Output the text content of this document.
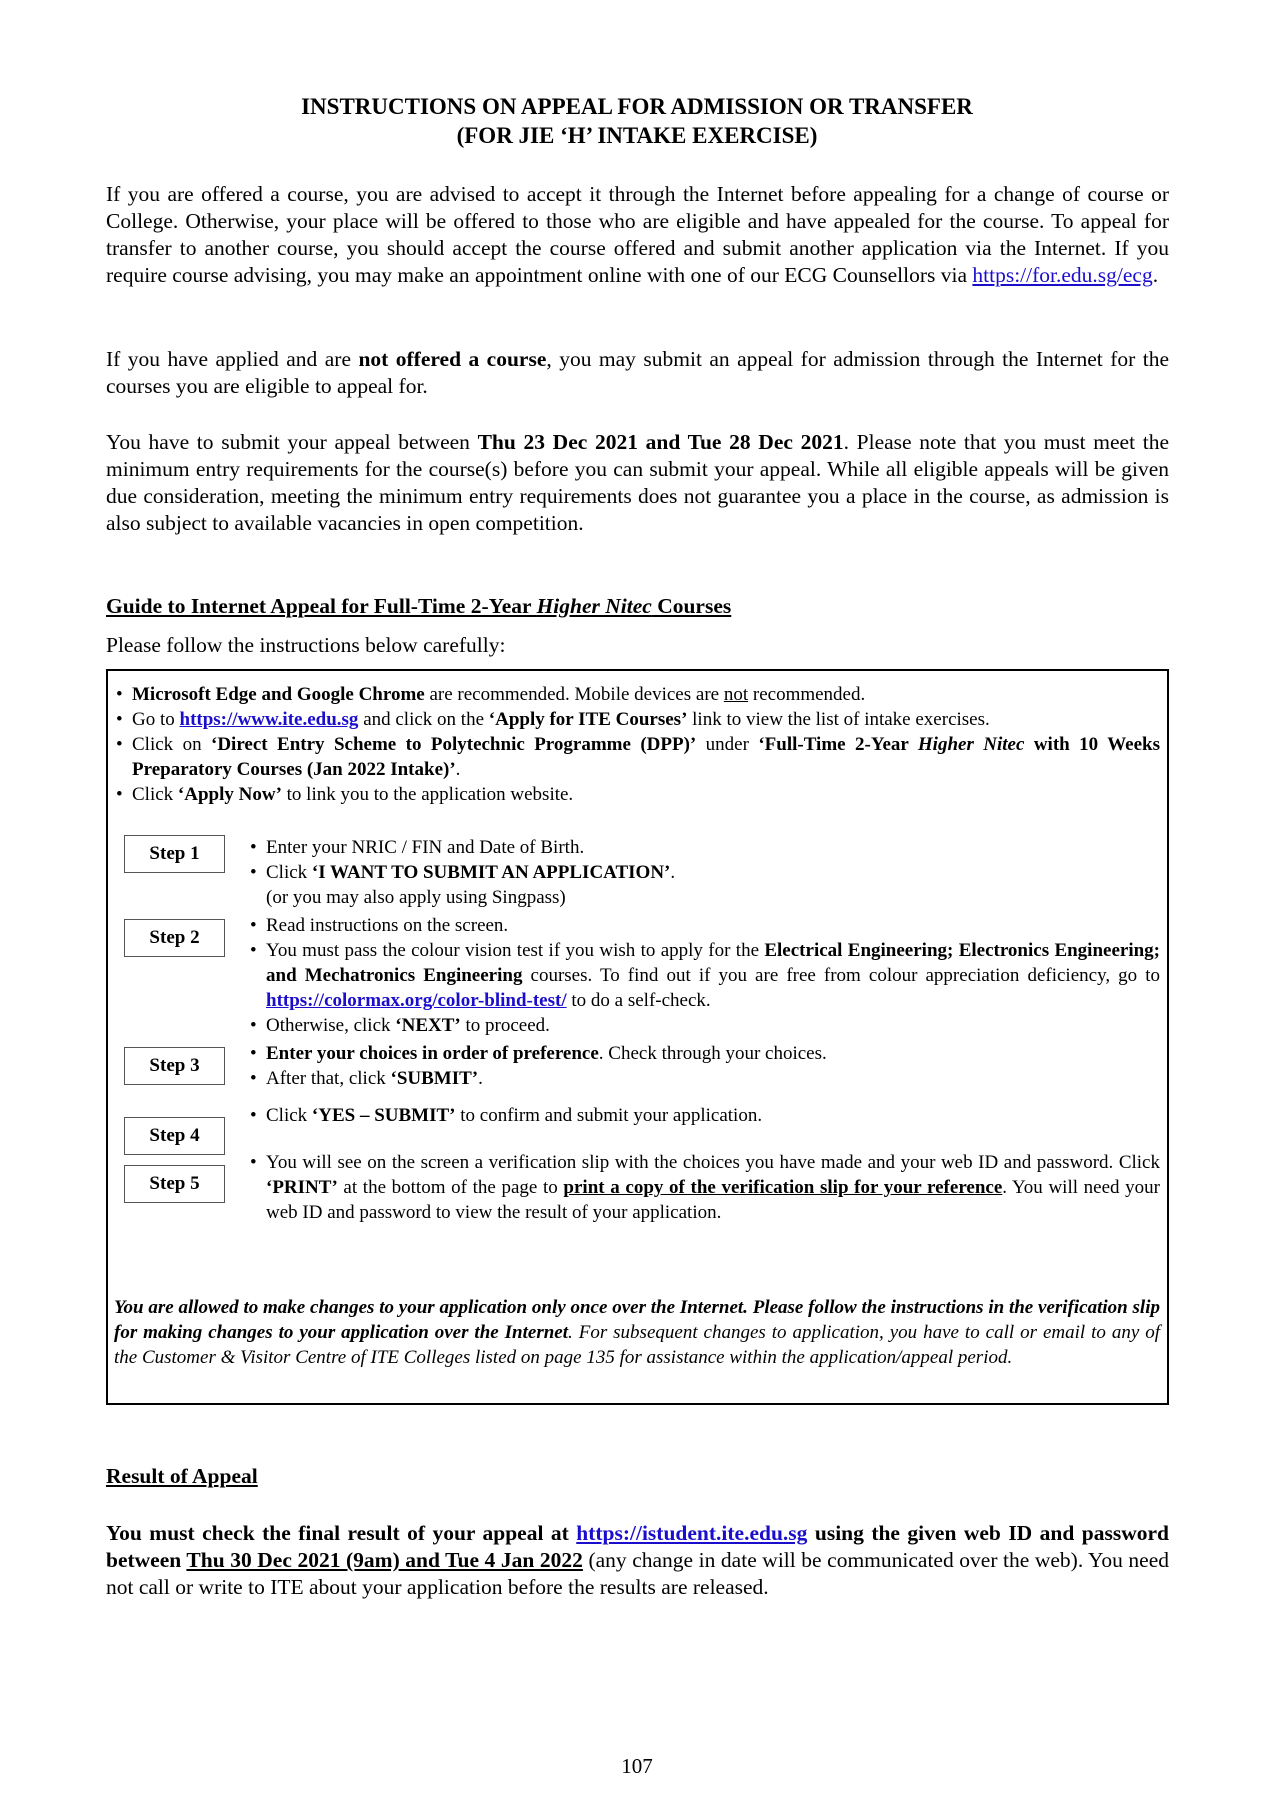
INSTRUCTIONS ON APPEAL FOR ADMISSION OR TRANSFER
(FOR JIE ‘H’ INTAKE EXERCISE)
If you are offered a course, you are advised to accept it through the Internet before appealing for a change of course or College. Otherwise, your place will be offered to those who are eligible and have appealed for the course. To appeal for transfer to another course, you should accept the course offered and submit another application via the Internet. If you require course advising, you may make an appointment online with one of our ECG Counsellors via https://for.edu.sg/ecg.
If you have applied and are not offered a course, you may submit an appeal for admission through the Internet for the courses you are eligible to appeal for.
You have to submit your appeal between Thu 23 Dec 2021 and Tue 28 Dec 2021. Please note that you must meet the minimum entry requirements for the course(s) before you can submit your appeal. While all eligible appeals will be given due consideration, meeting the minimum entry requirements does not guarantee you a place in the course, as admission is also subject to available vacancies in open competition.
Guide to Internet Appeal for Full-Time 2-Year Higher Nitec Courses
Please follow the instructions below carefully:
• Microsoft Edge and Google Chrome are recommended. Mobile devices are not recommended.
• Go to https://www.ite.edu.sg and click on the ‘Apply for ITE Courses’ link to view the list of intake exercises.
• Click on ‘Direct Entry Scheme to Polytechnic Programme (DPP)’ under ‘Full-Time 2-Year Higher Nitec with 10 Weeks Preparatory Courses (Jan 2022 Intake)’.
• Click ‘Apply Now’ to link you to the application website.
Step 1	• Enter your NRIC / FIN and Date of Birth.
• Click ‘I WANT TO SUBMIT AN APPLICATION’.
(or you may also apply using Singpass)
Step 2
• Read instructions on the screen.
• You must pass the colour vision test if you wish to apply for the Electrical Engineering; Electronics Engineering; and Mechatronics Engineering courses. To find out if you are free from colour appreciation deficiency, go to https://colormax.org/color-blind-test/ to do a self-check.
• Otherwise, click ‘NEXT’ to proceed.
Step 3
• Enter your choices in order of preference. Check through your choices.
• After that, click ‘SUBMIT’.
Step 4
• Click ‘YES – SUBMIT’ to confirm and submit your application.
Step 5
• You will see on the screen a verification slip with the choices you have made and your web ID and password. Click ‘PRINT’ at the bottom of the page to print a copy of the verification slip for your reference. You will need your web ID and password to view the result of your application.
You are allowed to make changes to your application only once over the Internet. Please follow the instructions in the verification slip for making changes to your application over the Internet. For subsequent changes to application, you have to call or email to any of the Customer & Visitor Centre of ITE Colleges listed on page 135 for assistance within the application/appeal period.
Result of Appeal
You must check the final result of your appeal at https://istudent.ite.edu.sg using the given web ID and password between Thu 30 Dec 2021 (9am) and Tue 4 Jan 2022 (any change in date will be communicated over the web). You need not call or write to ITE about your application before the results are released.
107
